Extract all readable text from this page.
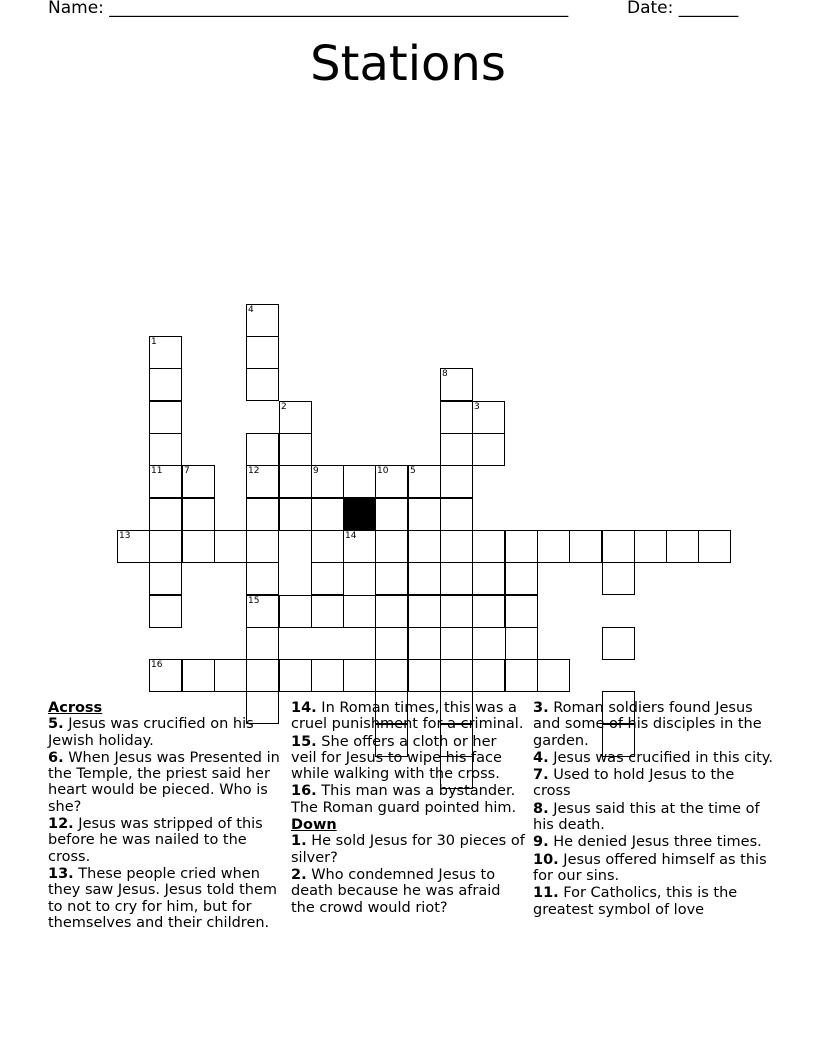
Name: ______________________________________________________	Date: _______
Stations
1
2	3
4
12
15
5
7	9	10
8
11
13	14
16
Across
5. Jesus was crucified on his Jewish holiday.
6. When Jesus was Presented in the Temple, the priest said her heart would be pieced. Who is she?
12. Jesus was stripped of this before he was nailed to the cross.
13. These people cried when they saw Jesus. Jesus told them to not to cry for him, but for themselves and their children.
14. In Roman times, this was a cruel punishment for a criminal.
15. She offers a cloth or her veil for Jesus to wipe his face while walking with the cross.
16. This man was a bystander. The Roman guard pointed him.
Down
1. He sold Jesus for 30 pieces of silver?
2. Who condemned Jesus to death because he was afraid the crowd would riot?
3. Roman soldiers found Jesus and some of his disciples in the garden.
4. Jesus was crucified in this city.
7. Used to hold Jesus to the cross
8. Jesus said this at the time of his death.
9. He denied Jesus three times.
10. Jesus offered himself as this for our sins.
11. For Catholics, this is the greatest symbol of love
